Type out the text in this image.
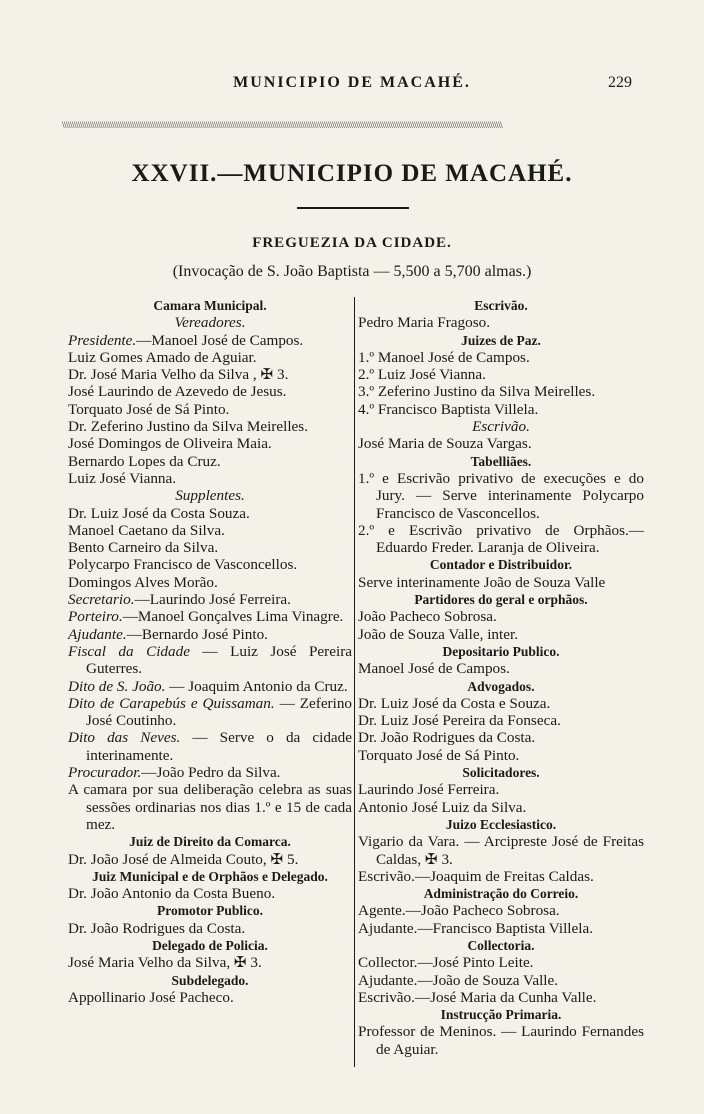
MUNICIPIO DE MACAHÉ.	229
\\\\\\\\\\\\\\\\\\\\\\\\\\\\\\\\\\\\\\\\\\\\\\\\\\\\\\\\\\\\\\\\\\\\\\\\\\\\\\\\\\\\\\\\\\\\\\\\\\\\\\\\\\\\\\\\\\\\\\\\\\\\\\\\\\\\\\\\\\\\\\\\\\\\\\\\\\\\\\\\\\\\\\\\\\\\\\\\\\\\\\\\\\\\\\\\\\\\\\\\\\\\\\\\\\\\\\\\\\\\
XXVII.—MUNICIPIO DE MACAHÉ.
FREGUEZIA DA CIDADE.
(Invocação de S. João Baptista — 5,500 a 5,700 almas.)

Camara Municipal.

Vereadores.

Presidente.—Manoel José de Campos.

Luiz Gomes Amado de Aguiar.

Dr. José Maria Velho da Silva , ✠ 3.

José Laurindo de Azevedo de Jesus.

Torquato José de Sá Pinto.

Dr. Zeferino Justino da Silva Meirelles.

José Domingos de Oliveira Maia.

Bernardo Lopes da Cruz.

Luiz José Vianna.

Supplentes.

Dr. Luiz José da Costa Souza.

Manoel Caetano da Silva.

Bento Carneiro da Silva.

Polycarpo Francisco de Vasconcellos.

Domingos Alves Morão.

Secretario.—Laurindo José Ferreira.

Porteiro.—Manoel Gonçalves Lima Vinagre.

Ajudante.—Bernardo José Pinto.

Fiscal da Cidade — Luiz José Pereira Guterres.

Dito de S. João. — Joaquim Antonio da Cruz.

Dito de Carapebús e Quissaman. — Zeferino José Coutinho.

Dito das Neves. — Serve o da cidade interinamente.

Procurador.—João Pedro da Silva.

A camara por sua deliberação celebra as suas sessões ordinarias nos dias 1.º e 15 de cada mez.

Juiz de Direito da Comarca.

Dr. João José de Almeida Couto, ✠ 5.

Juiz Municipal e de Orphãos e Delegado.

Dr. João Antonio da Costa Bueno.

Promotor Publico.

Dr. João Rodrigues da Costa.

Delegado de Policia.

José Maria Velho da Silva, ✠ 3.

Subdelegado.

Appollinario José Pacheco.

Escrivão.

Pedro Maria Fragoso.

Juizes de Paz.

1.º Manoel José de Campos.

2.º Luiz José Vianna.

3.º Zeferino Justino da Silva Meirelles.

4.º Francisco Baptista Villela.

Escrivão.

José Maria de Souza Vargas.

Tabelliães.

1.º e Escrivão privativo de execuções e do Jury. — Serve interinamente Polycarpo Francisco de Vasconcellos.

2.º e Escrivão privativo de Orphãos.— Eduardo Freder. Laranja de Oliveira.

Contador e Distribuidor.

Serve interinamente João de Souza Valle

Partidores do geral e orphãos.

João Pacheco Sobrosa.

João de Souza Valle, inter.

Depositario Publico.

Manoel José de Campos.

Advogados.

Dr. Luiz José da Costa e Souza.

Dr. Luiz José Pereira da Fonseca.

Dr. João Rodrigues da Costa.

Torquato José de Sá Pinto.

Solicitadores.

Laurindo José Ferreira.

Antonio José Luiz da Silva.

Juizo Ecclesiastico.

Vigario da Vara. — Arcipreste José de Freitas Caldas, ✠ 3.

Escrivão.—Joaquim de Freitas Caldas.

Administração do Correio.

Agente.—João Pacheco Sobrosa.

Ajudante.—Francisco Baptista Villela.

Collectoria.

Collector.—José Pinto Leite.

Ajudante.—João de Souza Valle.

Escrivão.—José Maria da Cunha Valle.

Instrucção Primaria.

Professor de Meninos. — Laurindo Fernandes de Aguiar.
